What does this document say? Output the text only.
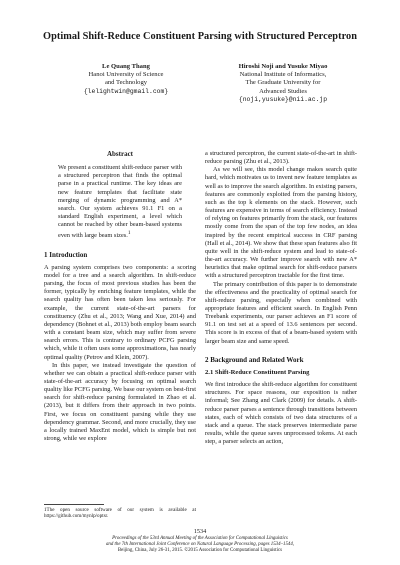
Optimal Shift-Reduce Constituent Parsing with Structured Perceptron
Le Quang Thang
Hanoi University of Science
and Technology
{lelightwin@gmail.com}
Hiroshi Noji and Yusuke Miyao
National Institute of Informatics,
The Graduate University for
Advanced Studies
{noji,yusuke}@nii.ac.jp
Abstract

We present a constituent shift-reduce parser with a structured perceptron that finds the optimal parse in a practical runtime. The key ideas are new feature templates that facilitate state merging of dynamic programming and A* search. Our system achieves 91.1 F1 on a standard English experiment, a level which cannot be reached by other beam-based systems even with large beam sizes.$^1$

1 Introduction

A parsing system comprises two components: a scoring model for a tree and a search algorithm. In shift-reduce parsing, the focus of most previous studies has been the former, typically by enriching feature templates, while the search quality has often been taken less seriously. For example, the current state-of-the-art parsers for constituency (Zhu et al., 2013; Wang and Xue, 2014) and dependency (Bohnet et al., 2013) both employ beam search with a constant beam size, which may suffer from severe search errors. This is contrary to ordinary PCFG parsing which, while it often uses some approximations, has nearly optimal quality (Petrov and Klein, 2007).

In this paper, we instead investigate the question of whether we can obtain a practical shift-reduce parser with state-of-the-art accuracy by focusing on optimal search quality like PCFG parsing. We base our system on best-first search for shift-reduce parsing formulated in Zhao et al. (2013), but it differs from their approach in two points. First, we focus on constituent parsing while they use dependency grammar. Second, and more crucially, they use a locally trained MaxEnt model, which is simple but not strong, while we explore

a structured perceptron, the current state-of-the-art in shift-reduce parsing (Zhu et al., 2013).

As we will see, this model change makes search quite hard, which motivates us to invent new feature templates as well as to improve the search algorithm. In existing parsers, features are commonly exploited from the parsing history, such as the top k elements on the stack. However, such features are expensive in terms of search efficiency. Instead of relying on features primarily from the stack, our features mostly come from the span of the top few nodes, an idea inspired by the recent empirical success in CRF parsing (Hall et al., 2014). We show that these span features also fit quite well in the shift-reduce system and lead to state-of-the-art accuracy. We further improve search with new A* heuristics that make optimal search for shift-reduce parsers with a structured perceptron tractable for the first time.

The primary contribution of this paper is to demonstrate the effectiveness and the practicality of optimal search for shift-reduce parsing, especially when combined with appropriate features and efficient search. In English Penn Treebank experiments, our parser achieves an F1 score of 91.1 on test set at a speed of 13.6 sentences per second. This score is in excess of that of a beam-based system with larger beam size and same speed.

2 Background and Related Work
2.1 Shift-Reduce Constituent Parsing

We first introduce the shift-reduce algorithm for constituent structures. For space reasons, our exposition is rather informal; See Zhang and Clark (2009) for details. A shift-reduce parser parses a sentence through transitions between states, each of which consists of two data structures of a stack and a queue. The stack preserves intermediate parse results, while the queue saves unprocessed tokens. At each step, a parser selects an action,

1The open source software of our system is available at https://github.com/mynlp/optsr.
1534
Proceedings of the 53rd Annual Meeting of the Association for Computational Linguistics
and the 7th International Joint Conference on Natural Language Processing, pages 1534–1544,
Beijing, China, July 26-31, 2015. ©2015 Association for Computational Linguistics
